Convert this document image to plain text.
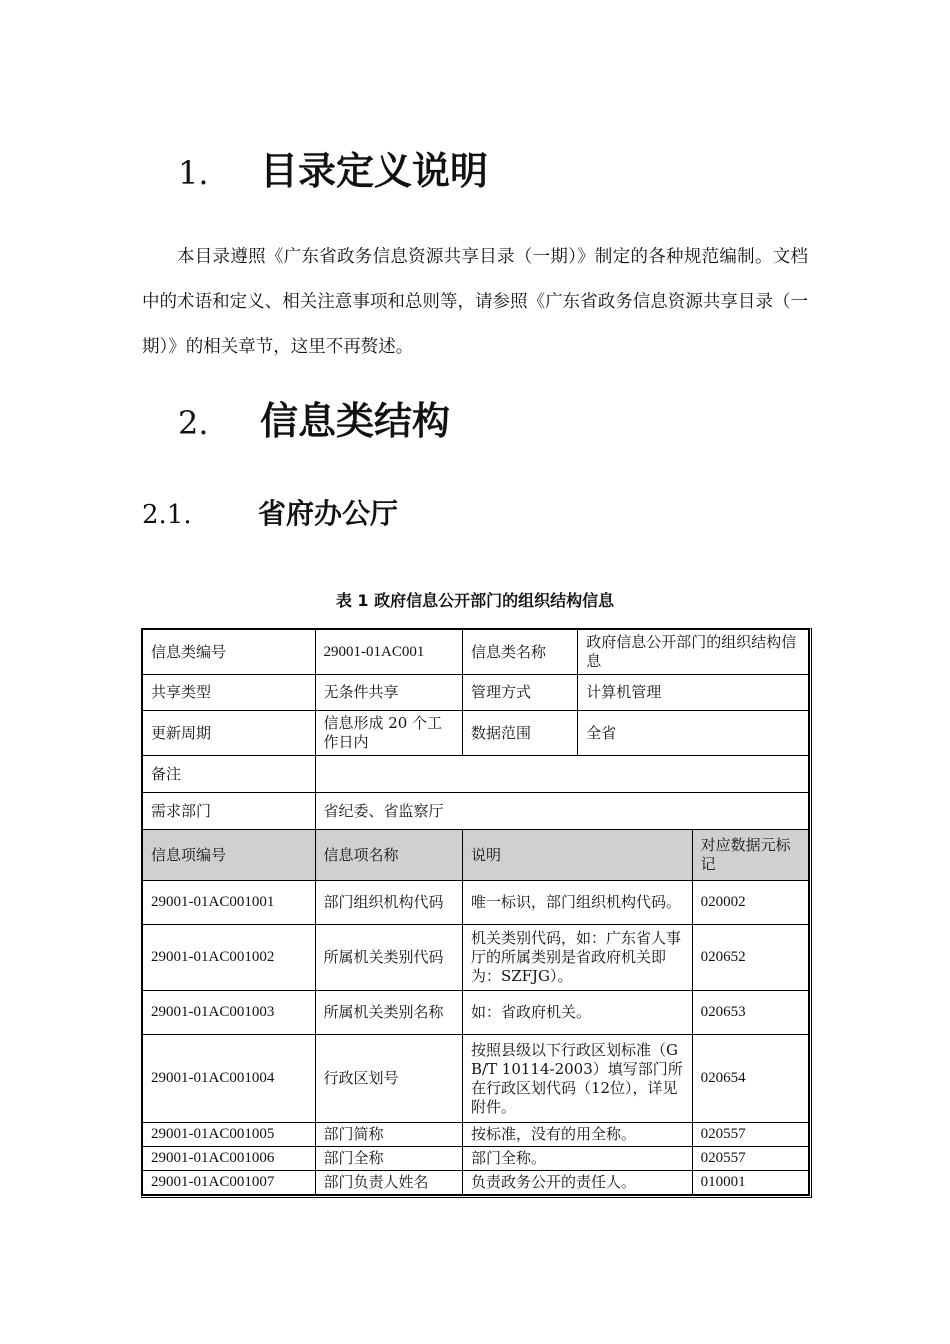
1. 目录定义说明
本目录遵照《广东省政务信息资源共享目录（一期）》制定的各种规范编制。文档中的术语和定义、相关注意事项和总则等，请参照《广东省政务信息资源共享目录（一期）》的相关章节，这里不再赘述。
2. 信息类结构
2.1. 省府办公厅
表 1 政府信息公开部门的组织结构信息
信息类编号	29001-01AC001	信息类名称	政府信息公开部门的组织结构信息	
共享类型	无条件共享	管理方式	计算机管理	
更新周期	信息形成 20 个工作日内	数据范围	全省	
备注				
需求部门	省纪委、省监察厅			
信息项编号	信息项名称	说明		对应数据元标记
29001-01AC001001	部门组织机构代码	唯一标识，部门组织机构代码。		020002
29001-01AC001002	所属机关类别代码	机关类别代码，如：广东省人事厅的所属类别是省政府机关即为：SZFJG）。		020652
29001-01AC001003	所属机关类别名称	如：省政府机关。		020653
29001-01AC001004	行政区划号	按照县级以下行政区划标准（GB/T 10114-2003）填写部门所在行政区划代码（12位），详见附件。		020654
29001-01AC001005	部门简称	按标准，没有的用全称。		020557
29001-01AC001006	部门全称	部门全称。		020557
29001-01AC001007	部门负责人姓名	负责政务公开的责任人。		010001
